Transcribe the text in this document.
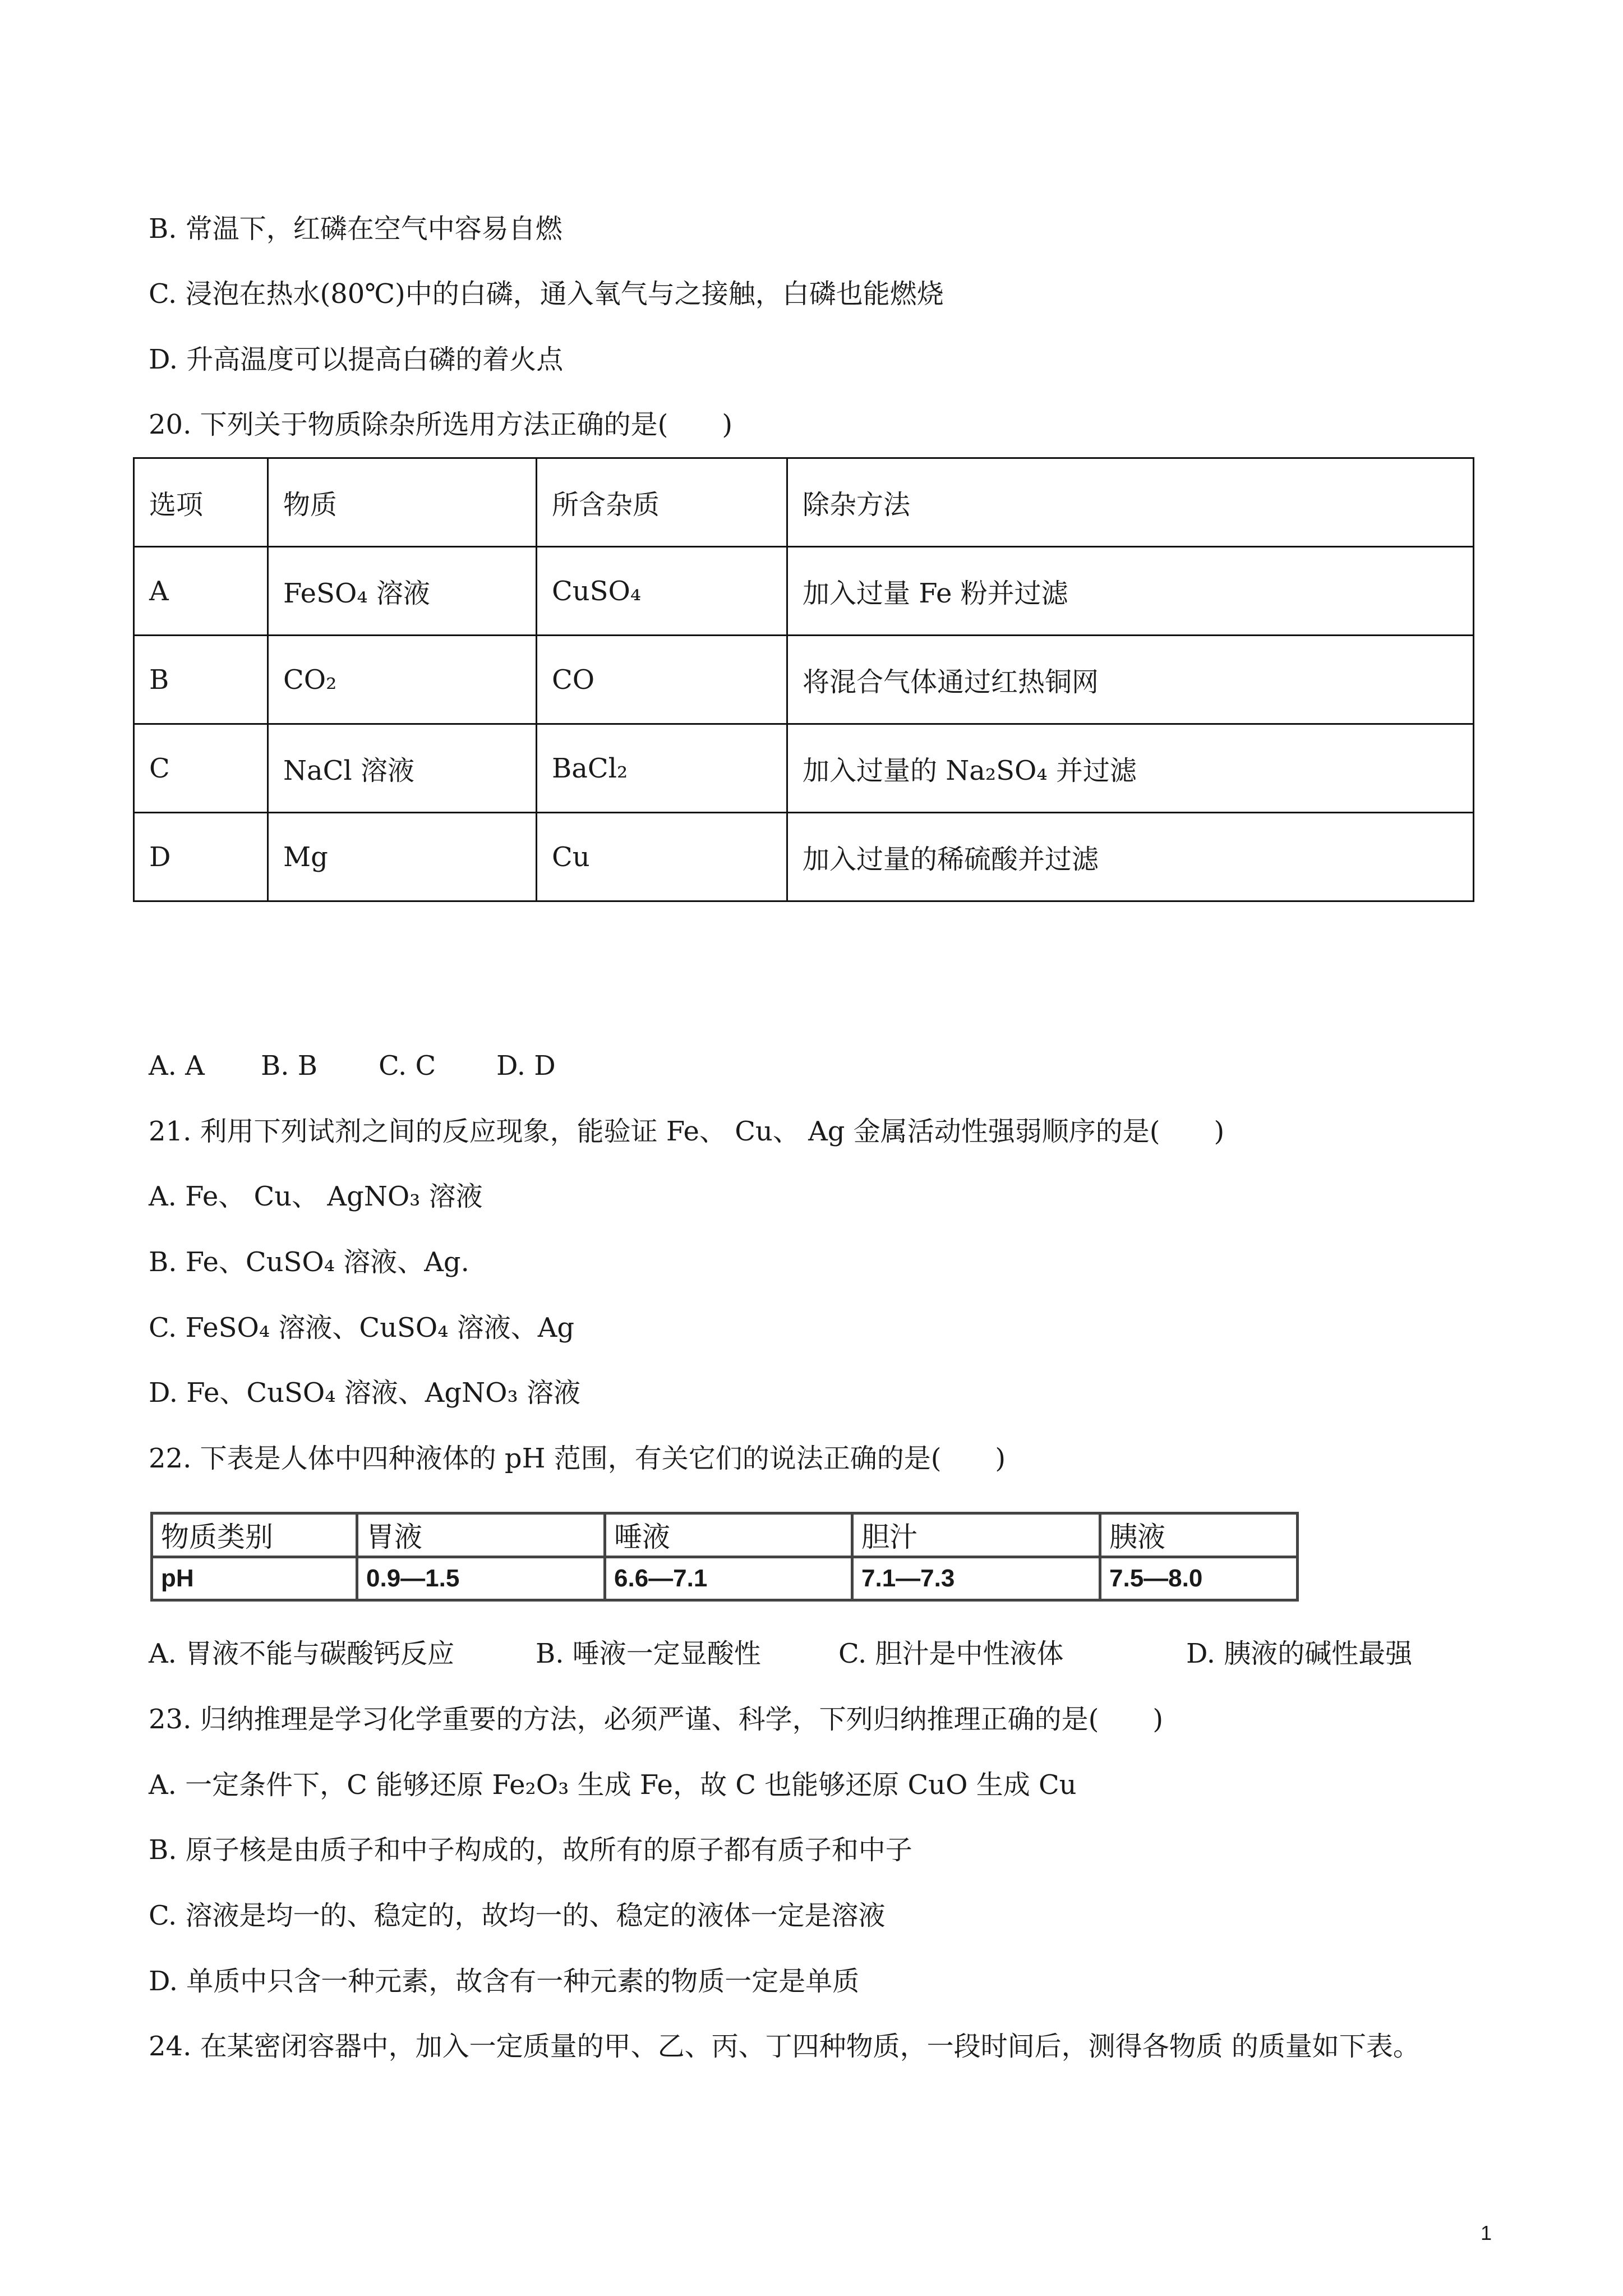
B. 常温下，红磷在空气中容易自燃
C. 浸泡在热水(80℃)中的白磷，通入氧气与之接触，白磷也能燃烧
D. 升高温度可以提高白磷的着火点
20. 下列关于物质除杂所选用方法正确的是(　　)
选项	物质	所含杂质	除杂方法
A	FeSO₄ 溶液	CuSO₄	加入过量 Fe 粉并过滤
B	CO₂	CO	将混合气体通过红热铜网
C	NaCl 溶液	BaCl₂	加入过量的 Na₂SO₄ 并过滤
D	Mg	Cu	加入过量的稀硫酸并过滤
A. A B. B C. C D. D
21. 利用下列试剂之间的反应现象，能验证 Fe、 Cu、 Ag 金属活动性强弱顺序的是(　　)
A. Fe、 Cu、 AgNO₃ 溶液
B. Fe、CuSO₄ 溶液、Ag.
C. FeSO₄ 溶液、CuSO₄ 溶液、Ag
D. Fe、CuSO₄ 溶液、AgNO₃ 溶液
22. 下表是人体中四种液体的 pH 范围，有关它们的说法正确的是(　　)
物质类别	胃液	唾液	胆汁	胰液
pH	0.9—1.5	6.6—7.1	7.1—7.3	7.5—8.0
A. 胃液不能与碳酸钙反应	B. 唾液一定显酸性	C. 胆汁是中性液体	D. 胰液的碱性最强
23. 归纳推理是学习化学重要的方法，必须严谨、科学，下列归纳推理正确的是(　　)
A. 一定条件下，C 能够还原 Fe₂O₃ 生成 Fe，故 C 也能够还原 CuO 生成 Cu
B. 原子核是由质子和中子构成的，故所有的原子都有质子和中子
C. 溶液是均一的、稳定的，故均一的、稳定的液体一定是溶液
D. 单质中只含一种元素，故含有一种元素的物质一定是单质
24. 在某密闭容器中，加入一定质量的甲、乙、丙、丁四种物质，一段时间后，测得各物质 的质量如下表。
1
